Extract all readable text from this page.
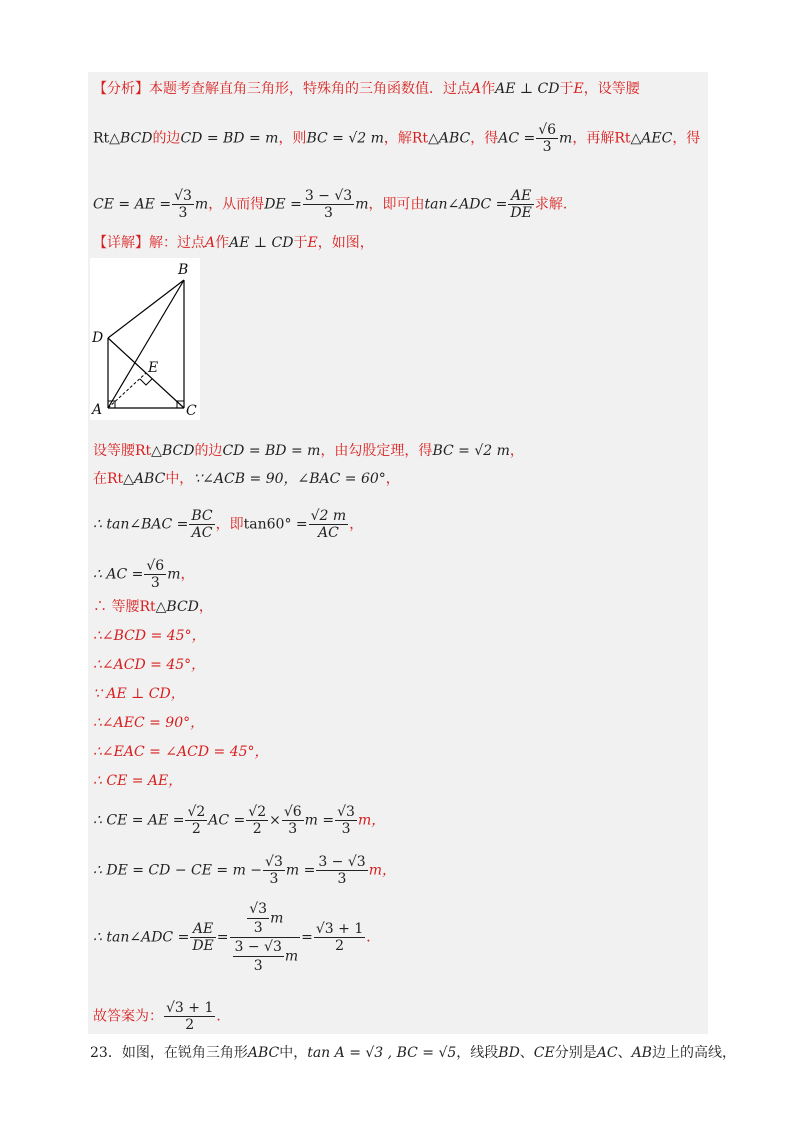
【分析】本题考查解直角三角形，特殊角的三角函数值．过点A作AE ⊥ CD于E，设等腰
Rt△BCD的边CD = BD = m，则BC = √2 m，解Rt△ABC，得AC = $\frac{√6}{3}$ m，再解Rt△AEC，得
CE = AE = $\frac{√3}{3}$ m，从而得DE = $\frac{3 - √3}{3}$ m，即可由tan∠ADC = $\frac{AE}{DE}$ 求解．
【详解】解：过点A作AE ⊥ CD于E，如图，
B
D
E
A	C
设等腰Rt△BCD的边CD = BD = m，由勾股定理，得BC = √2 m，
在Rt△ABC中，∵∠ACB = 90，∠BAC = 60°，
∴ tan∠BAC = $\frac{BC}{AC}$ ，即$\tan 60^\circ = \frac{√2 m}{AC}$ ，
∴ AC = $\frac{√6}{3}$ m，
∴ 等腰Rt△BCD，
∴∠BCD = 45°，
∴∠ACD = 45°，
∵ AE ⊥ CD，
∴∠AEC = 90°，
∴∠EAC = ∠ACD = 45°，
∴ CE = AE，
∴ CE = AE = $\frac{√2}{2}$ AC = $\frac{√2}{2} \times \frac{√6}{3}$ $m = \frac{√3}{3}$ m，
∴ DE = CD − CE = $m - \frac{√3}{3}$ $m = \frac{3 - √3}{3}$ m，
∴ tan∠ADC = $\frac{AE}{DE} = \frac{\frac{√3}{3} m}{\frac{3 - √3}{3} m} = \frac{√3 + 1}{2}$ ．
故答案为： $\frac{√3 + 1}{2}$ ．
23．如图，在锐角三角形ABC中，tan A = √3 , BC = √5，线段BD、CE分别是AC、AB边上的高线，
